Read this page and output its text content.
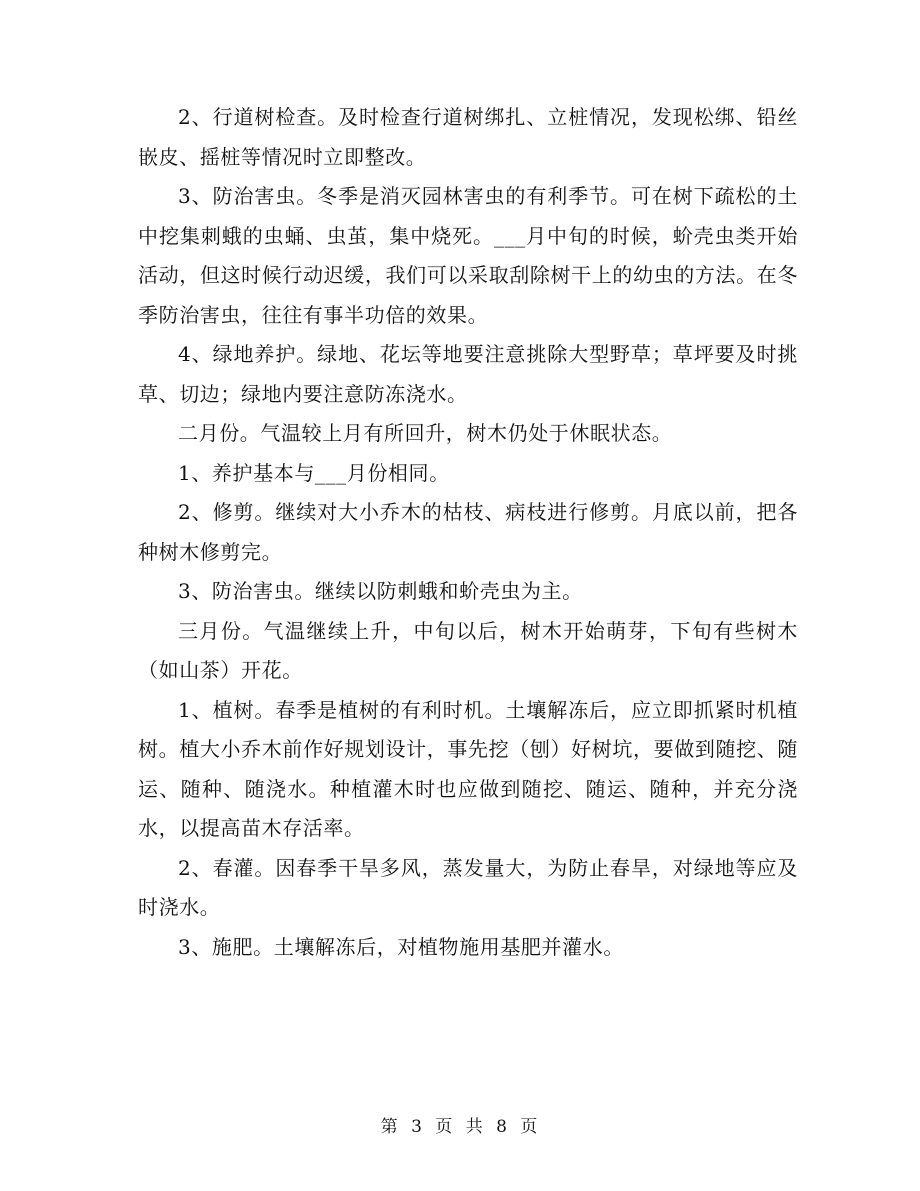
2、行道树检查。及时检查行道树绑扎、立桩情况，发现松绑、铅丝嵌皮、摇桩等情况时立即整改。

3、防治害虫。冬季是消灭园林害虫的有利季节。可在树下疏松的土中挖集刺蛾的虫蛹、虫茧，集中烧死。___月中旬的时候，蚧壳虫类开始活动，但这时候行动迟缓，我们可以采取刮除树干上的幼虫的方法。在冬季防治害虫，往往有事半功倍的效果。

4、绿地养护。绿地、花坛等地要注意挑除大型野草；草坪要及时挑草、切边；绿地内要注意防冻浇水。

二月份。气温较上月有所回升，树木仍处于休眠状态。

1、养护基本与___月份相同。

2、修剪。继续对大小乔木的枯枝、病枝进行修剪。月底以前，把各种树木修剪完。

3、防治害虫。继续以防刺蛾和蚧壳虫为主。

三月份。气温继续上升，中旬以后，树木开始萌芽，下旬有些树木（如山茶）开花。

1、植树。春季是植树的有利时机。土壤解冻后，应立即抓紧时机植树。植大小乔木前作好规划设计，事先挖（刨）好树坑，要做到随挖、随运、随种、随浇水。种植灌木时也应做到随挖、随运、随种，并充分浇水，以提高苗木存活率。

2、春灌。因春季干旱多风，蒸发量大，为防止春旱，对绿地等应及时浇水。

3、施肥。土壤解冻后，对植物施用基肥并灌水。

第 3 页 共 8 页
